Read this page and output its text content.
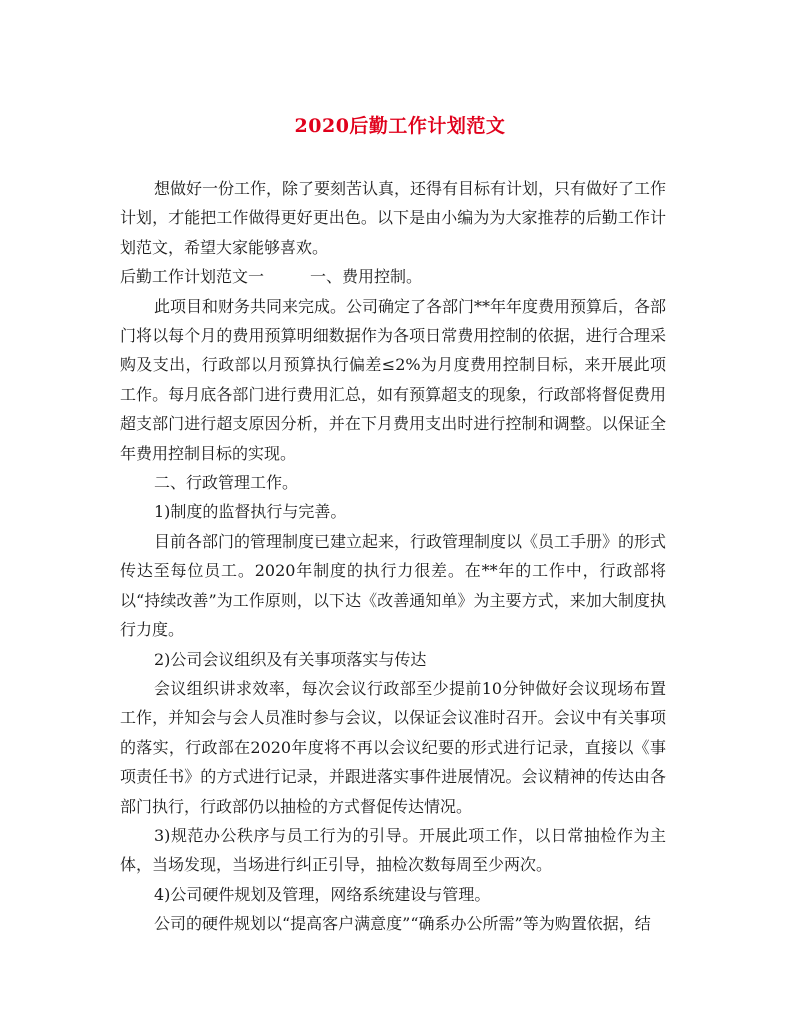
2020后勤工作计划范文

想做好一份工作，除了要刻苦认真，还得有目标有计划，只有做好了工作计划，才能把工作做得更好更出色。以下是由小编为为大家推荐的后勤工作计划范文，希望大家能够喜欢。

后勤工作计划范文一	一、费用控制。

此项目和财务共同来完成。公司确定了各部门**年年度费用预算后，各部门将以每个月的费用预算明细数据作为各项日常费用控制的依据，进行合理采购及支出，行政部以月预算执行偏差≤2%为月度费用控制目标，来开展此项工作。每月底各部门进行费用汇总，如有预算超支的现象，行政部将督促费用超支部门进行超支原因分析，并在下月费用支出时进行控制和调整。以保证全年费用控制目标的实现。

二、行政管理工作。

1)制度的监督执行与完善。

目前各部门的管理制度已建立起来，行政管理制度以《员工手册》的形式传达至每位员工。2020年制度的执行力很差。在**年的工作中，行政部将以“持续改善”为工作原则，以下达《改善通知单》为主要方式，来加大制度执行力度。

2)公司会议组织及有关事项落实与传达

会议组织讲求效率，每次会议行政部至少提前10分钟做好会议现场布置工作，并知会与会人员准时参与会议，以保证会议准时召开。会议中有关事项的落实，行政部在2020年度将不再以会议纪要的形式进行记录，直接以《事项责任书》的方式进行记录，并跟进落实事件进展情况。会议精神的传达由各部门执行，行政部仍以抽检的方式督促传达情况。

3)规范办公秩序与员工行为的引导。开展此项工作，以日常抽检作为主体，当场发现，当场进行纠正引导，抽检次数每周至少两次。

4)公司硬件规划及管理，网络系统建设与管理。

公司的硬件规划以“提高客户满意度”“确系办公所需”等为购置依据，结
